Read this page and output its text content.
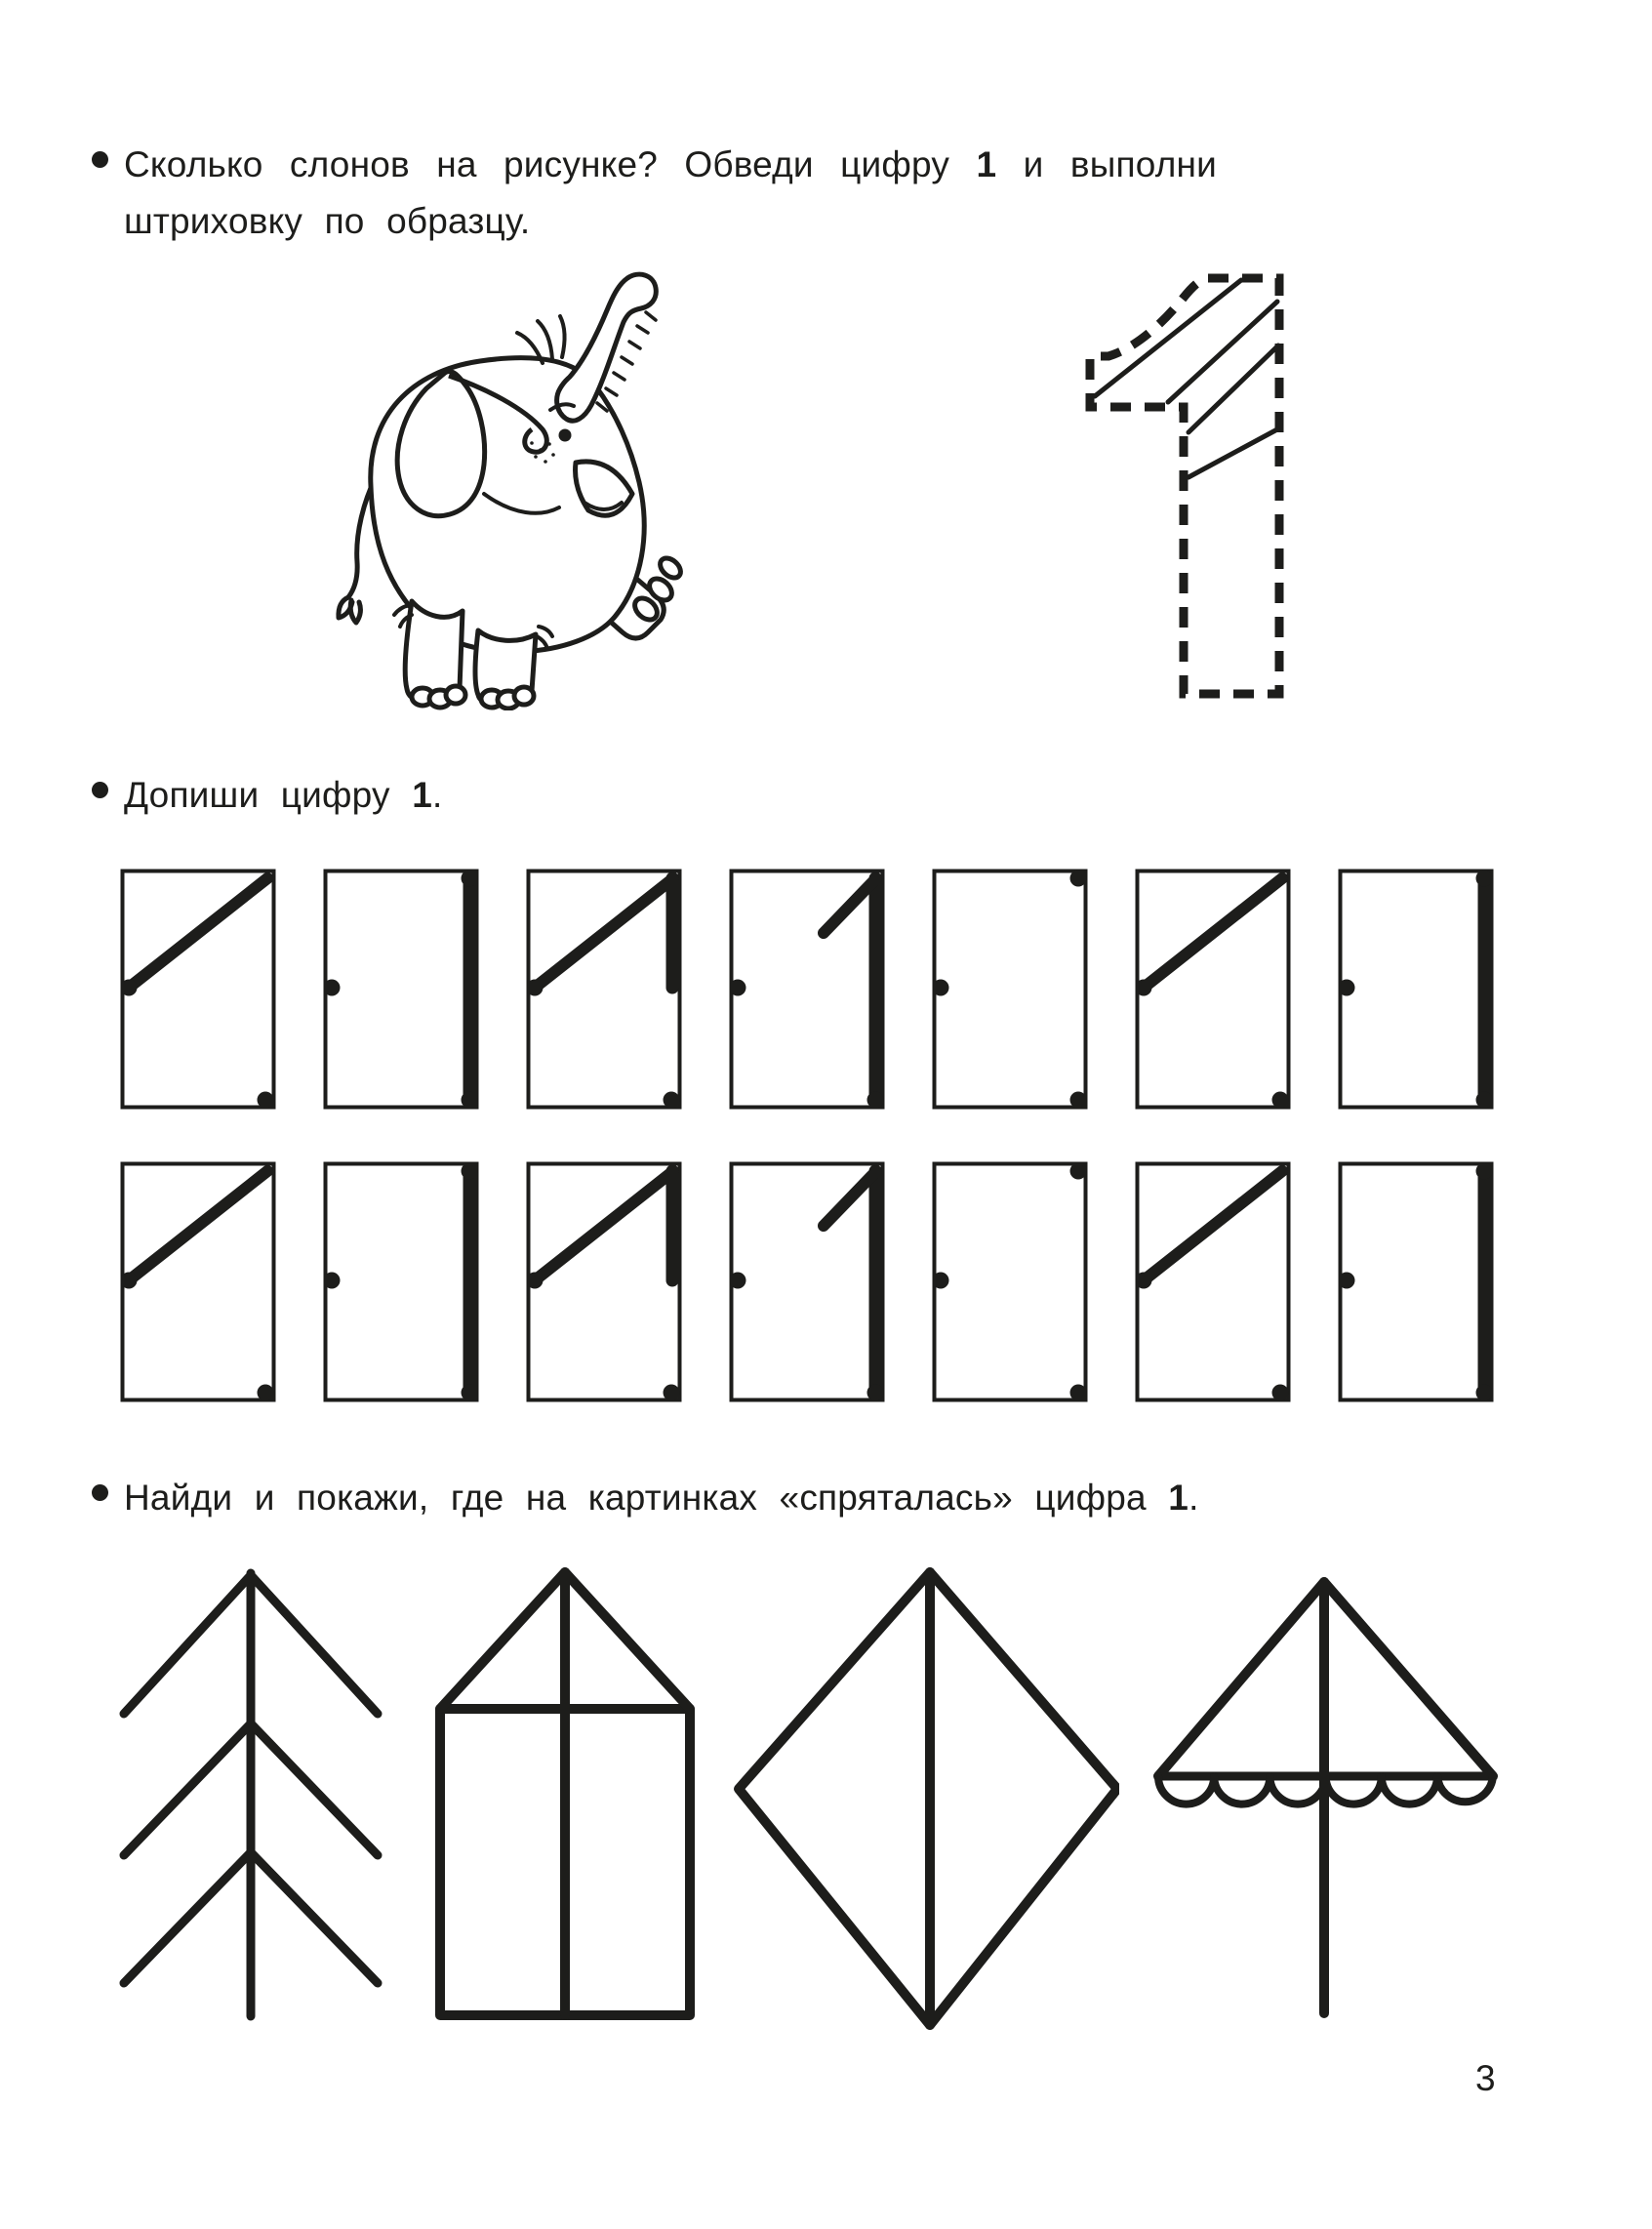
Сколько слонов на рисунке? Обведи цифру 1 и выполни штриховку по образцу.
Допиши цифру 1.
Найди и покажи, где на картинках «спряталась» цифра 1.
3
